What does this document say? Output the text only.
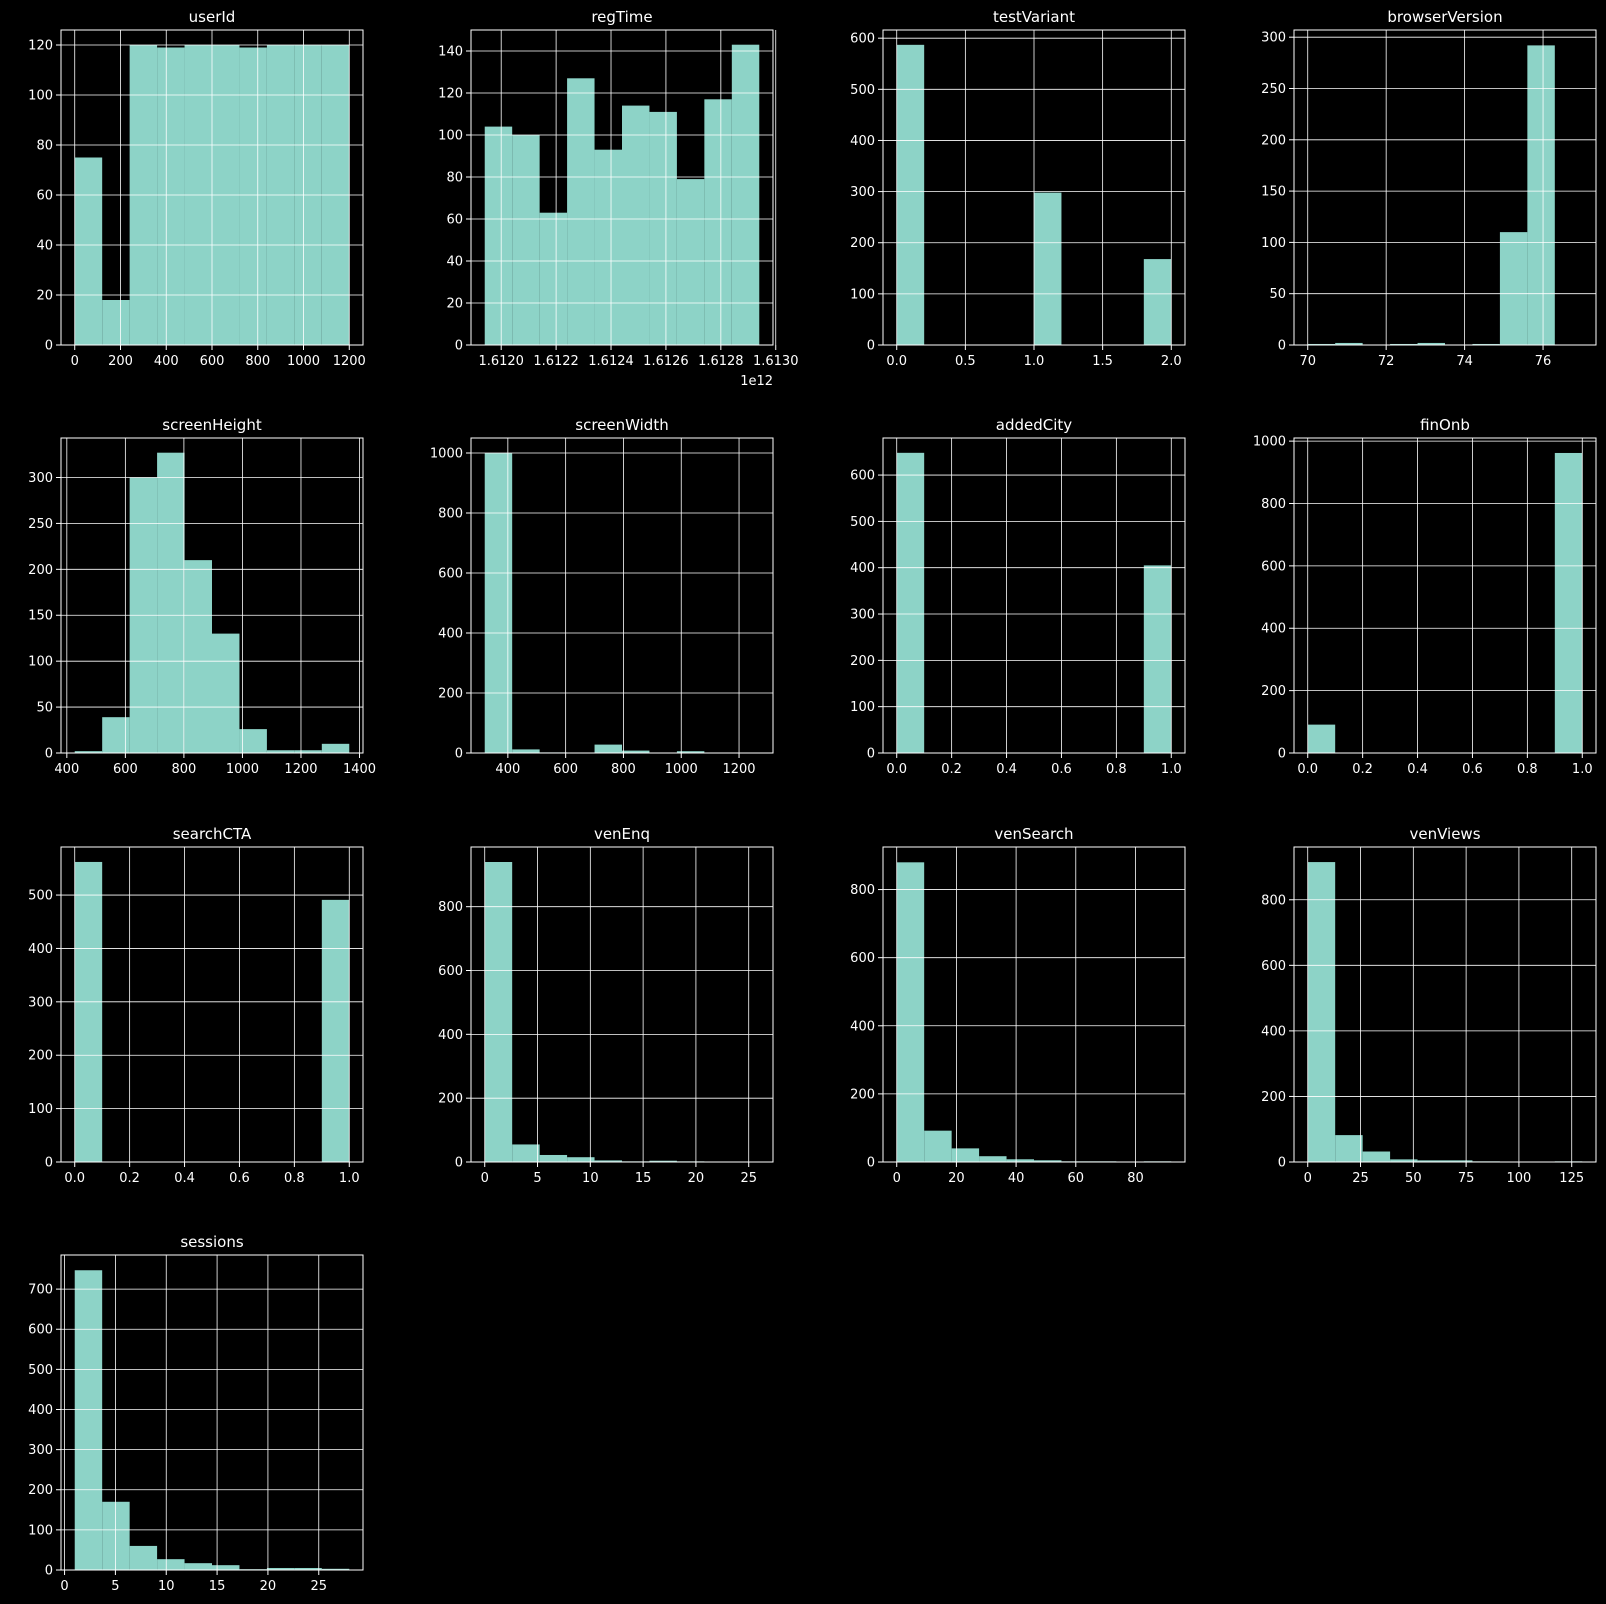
0 200 400 600 800 1000 1200
0
20
40
60
80
100
120
userId
1.6120 1.6122 1.6124 1.6126 1.6128 1.6130
0
20
40
60
80
100
120
140
1e12
regTime
0.0	0.5	1.0	1.5	2.0
0
100
200
300
400
500
600
testVariant
70	72	74	76
0
50
100
150
200
250
300
browserVersion
400	600	800 1000 1200 1400
0
50
100
150
200
250
300
screenHeight
400	600	800 1000 1200
0
200
400
600
800
1000
screenWidth
0.0	0.2	0.4	0.6	0.8	1.0
0
100
200
300
400
500
600
addedCity
0.0	0.2	0.4	0.6	0.8	1.0
0
200
400
600
800
1000
finOnb
0.0	0.2	0.4	0.6	0.8	1.0
0
100
200
300
400
500
searchCTA
0	5	10	15	20	25
0
200
400
600
800
venEnq
0	20	40	60	80
0
200
400
600
800
venSearch
0	25	50	75 100 125
0
200
400
600
800
venViews
0	5	10	15	20	25
0
100
200
300
400
500
600
700
sessions
